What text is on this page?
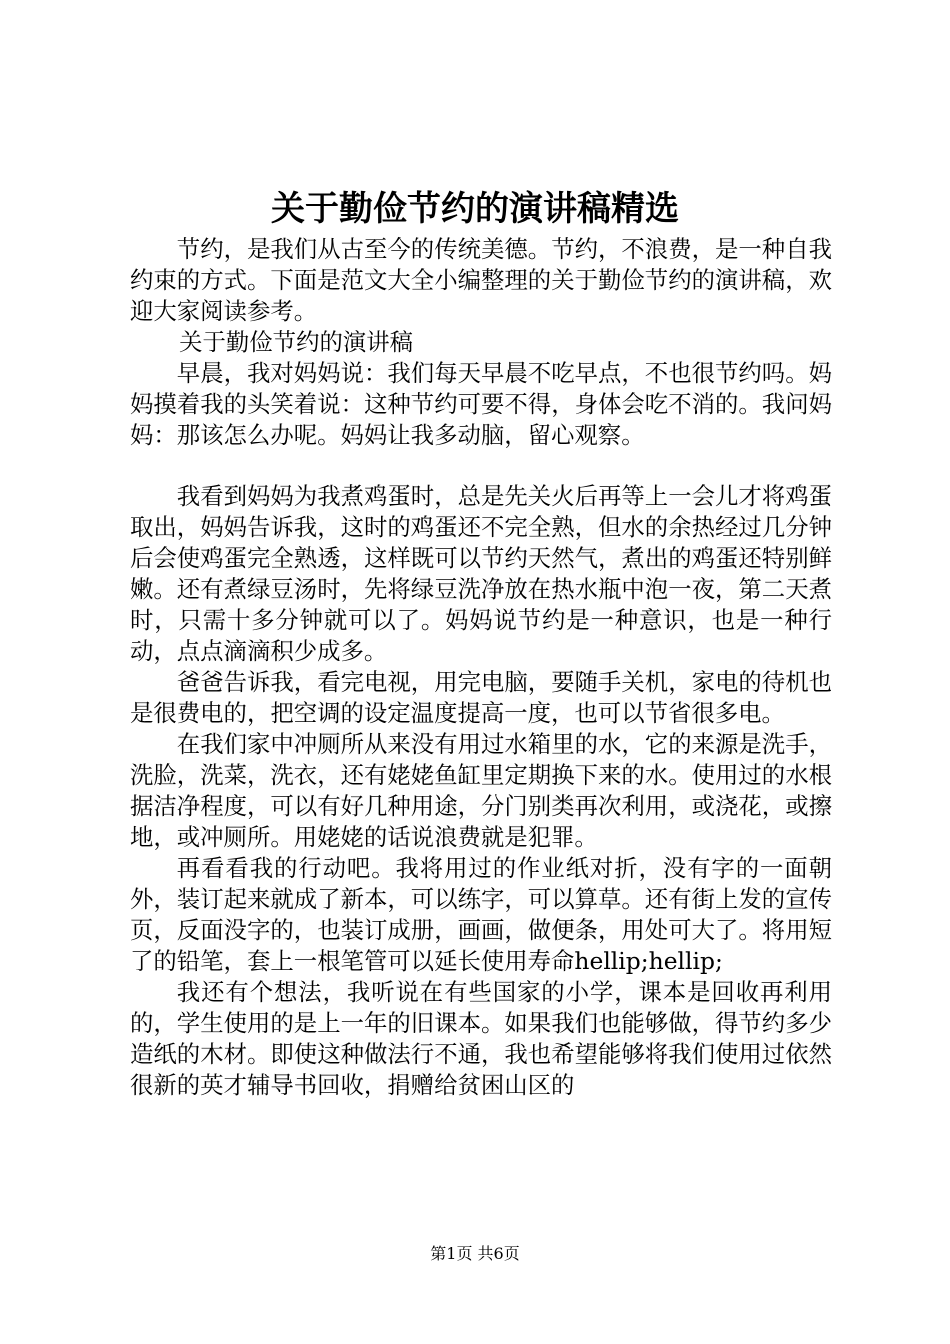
关于勤俭节约的演讲稿精选

节约，是我们从古至今的传统美德。节约，不浪费，是一种自我约束的方式。下面是范文大全小编整理的关于勤俭节约的演讲稿，欢迎大家阅读参考。

关于勤俭节约的演讲稿

早晨，我对妈妈说：我们每天早晨不吃早点，不也很节约吗。妈妈摸着我的头笑着说：这种节约可要不得，身体会吃不消的。我问妈妈：那该怎么办呢。妈妈让我多动脑，留心观察。

我看到妈妈为我煮鸡蛋时，总是先关火后再等上一会儿才将鸡蛋取出，妈妈告诉我，这时的鸡蛋还不完全熟，但水的余热经过几分钟后会使鸡蛋完全熟透，这样既可以节约天然气，煮出的鸡蛋还特别鲜嫩。还有煮绿豆汤时，先将绿豆洗净放在热水瓶中泡一夜，第二天煮时，只需十多分钟就可以了。妈妈说节约是一种意识，也是一种行动，点点滴滴积少成多。

爸爸告诉我，看完电视，用完电脑，要随手关机，家电的待机也是很费电的，把空调的设定温度提高一度，也可以节省很多电。

在我们家中冲厕所从来没有用过水箱里的水，它的来源是洗手，洗脸，洗菜，洗衣，还有姥姥鱼缸里定期换下来的水。使用过的水根据洁净程度，可以有好几种用途，分门别类再次利用，或浇花，或擦地，或冲厕所。用姥姥的话说浪费就是犯罪。

再看看我的行动吧。我将用过的作业纸对折，没有字的一面朝外，装订起来就成了新本，可以练字，可以算草。还有街上发的宣传页，反面没字的，也装订成册，画画，做便条，用处可大了。将用短了的铅笔，套上一根笔管可以延长使用寿命hellip;hellip;

我还有个想法，我听说在有些国家的小学，课本是回收再利用的，学生使用的是上一年的旧课本。如果我们也能够做，得节约多少造纸的木材。即使这种做法行不通，我也希望能够将我们使用过依然很新的英才辅导书回收，捐赠给贫困山区的

第1页 共6页
